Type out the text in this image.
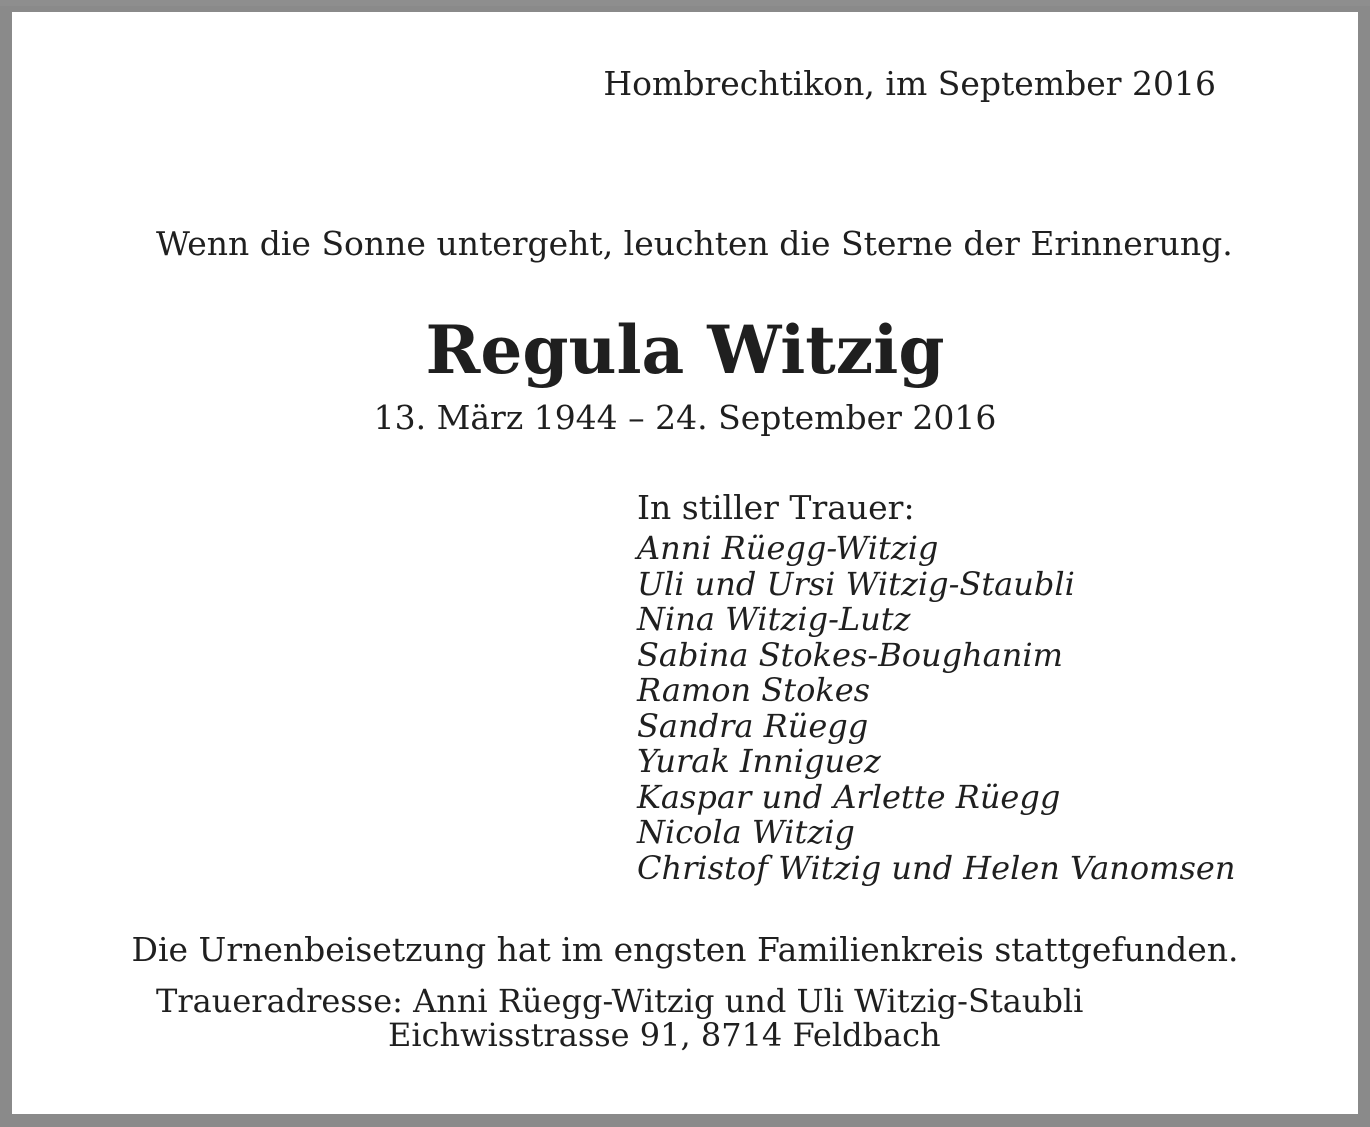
Hombrechtikon, im September 2016
Wenn die Sonne untergeht, leuchten die Sterne der Erinnerung.
Regula Witzig
13. März 1944 – 24. September 2016
In stiller Trauer:
Anni Rüegg-Witzig
Uli und Ursi Witzig-Staubli
Nina Witzig-Lutz
Sabina Stokes-Boughanim
Ramon Stokes
Sandra Rüegg
Yurak Inniguez
Kaspar und Arlette Rüegg
Nicola Witzig
Christof Witzig und Helen Vanomsen
Die Urnenbeisetzung hat im engsten Familienkreis stattgefunden.
Traueradresse: Anni Rüegg-Witzig und Uli Witzig-Staubli
Eichwisstrasse 91, 8714 Feldbach
